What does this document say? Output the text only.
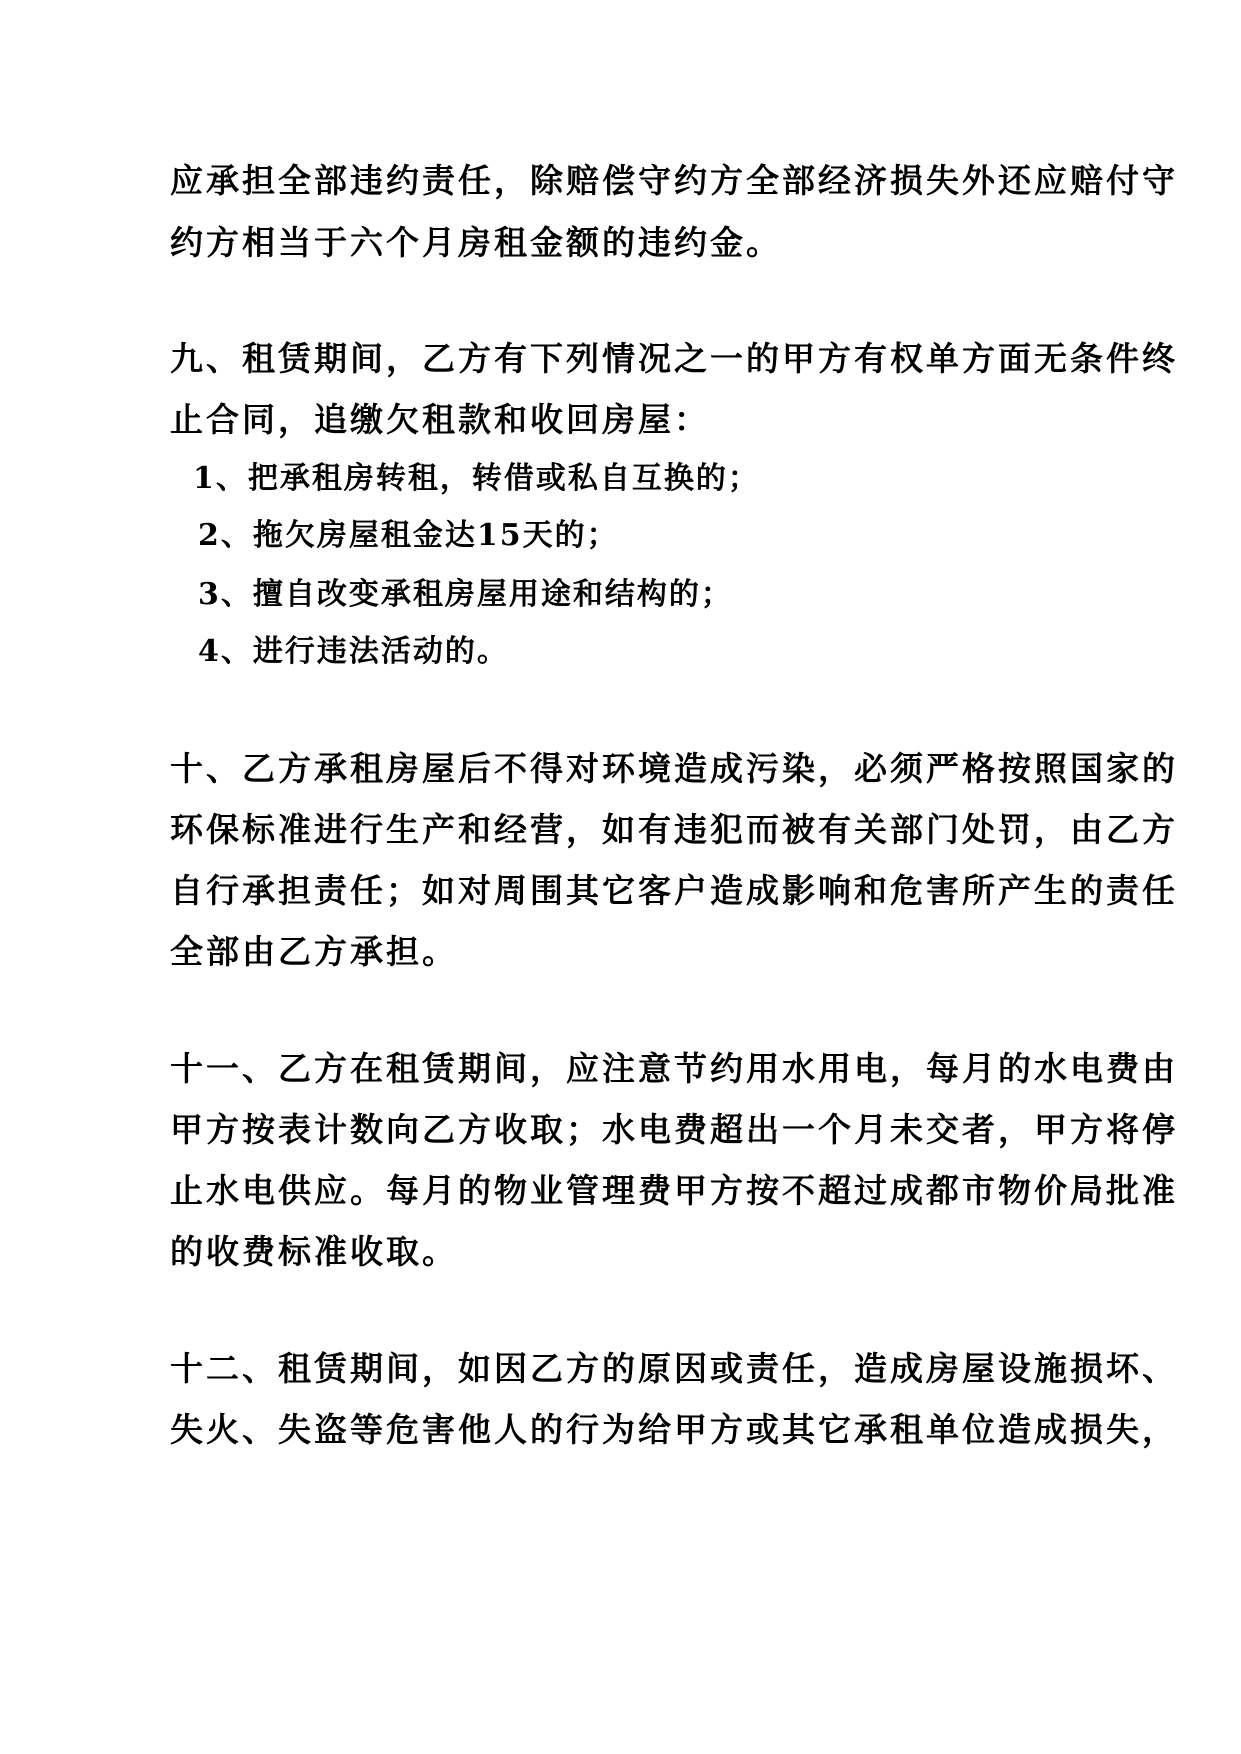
应承担全部违约责任，除赔偿守约方全部经济损失外还应赔付守
约方相当于六个月房租金额的违约金。
九、租赁期间，乙方有下列情况之一的甲方有权单方面无条件终
止合同，追缴欠租款和收回房屋：
1、把承租房转租，转借或私自互换的；
2、拖欠房屋租金达15天的；
3、擅自改变承租房屋用途和结构的；
4、进行违法活动的。
十、乙方承租房屋后不得对环境造成污染，必须严格按照国家的
环保标准进行生产和经营，如有违犯而被有关部门处罚，由乙方
自行承担责任；如对周围其它客户造成影响和危害所产生的责任
全部由乙方承担。
十一、乙方在租赁期间，应注意节约用水用电，每月的水电费由
甲方按表计数向乙方收取；水电费超出一个月未交者，甲方将停
止水电供应。每月的物业管理费甲方按不超过成都市物价局批准
的收费标准收取。
十二、租赁期间，如因乙方的原因或责任，造成房屋设施损坏、
失火、失盗等危害他人的行为给甲方或其它承租单位造成损失，
